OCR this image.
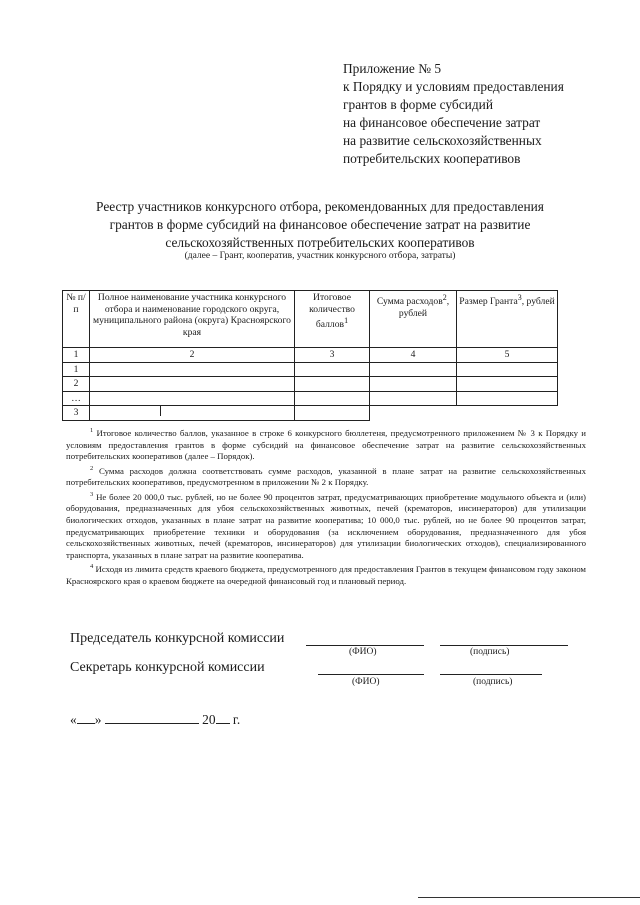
Приложение № 5
к Порядку и условиям предоставления
грантов в форме субсидий
на финансовое обеспечение затрат
на развитие сельскохозяйственных
потребительских кооперативов
Реестр участников конкурсного отбора, рекомендованных для предоставления
грантов в форме субсидий на финансовое обеспечение затрат на развитие
сельскохозяйственных потребительских кооперативов
(далее – Грант, кооператив, участник конкурсного отбора, затраты)
№ п/п	Полное наименование участника конкурсного отбора и наименование городского округа, муниципального района (округа) Красноярского края	Итоговое количество баллов$^1$	Сумма расходов$^2$, рублей	Размер Гранта$^3$, рублей
1	2	3	4	5
1				
2				
…				
3	

$^1$ Итоговое количество баллов, указанное в строке 6 конкурсного бюллетеня, предусмотренного приложением № 3 к Порядку и условиям предоставления грантов в форме субсидий на финансовое обеспечение затрат на развитие сельскохозяйственных потребительских кооперативов (далее – Порядок).

$^2$ Сумма расходов должна соответствовать сумме расходов, указанной в плане затрат на развитие сельскохозяйственных потребительских кооперативов, предусмотренном в приложении № 2 к Порядку.

$^3$ Не более 20 000,0 тыс. рублей, но не более 90 процентов затрат, предусматривающих приобретение модульного объекта и (или) оборудования, предназначенных для убоя сельскохозяйственных животных, печей (крематоров, инсинераторов) для утилизации биологических отходов, указанных в плане затрат на развитие кооператива; 10 000,0 тыс. рублей, но не более 90 процентов затрат, предусматривающих приобретение техники и оборудования (за исключением оборудования, предназначенного для убоя сельскохозяйственных животных, печей (крематоров, инсинераторов) для утилизации биологических отходов), специализированного транспорта, указанных в плане затрат на развитие кооператива.

$^4$ Исходя из лимита средств краевого бюджета, предусмотренного для предоставления Грантов в текущем финансовом году законом Красноярского края о краевом бюджете на очередной финансовый год и плановый период.

Председатель конкурсной комиссии
(ФИО)	(подпись)
Секретарь конкурсной комиссии
(ФИО)	(подпись)
« »	20 г.
